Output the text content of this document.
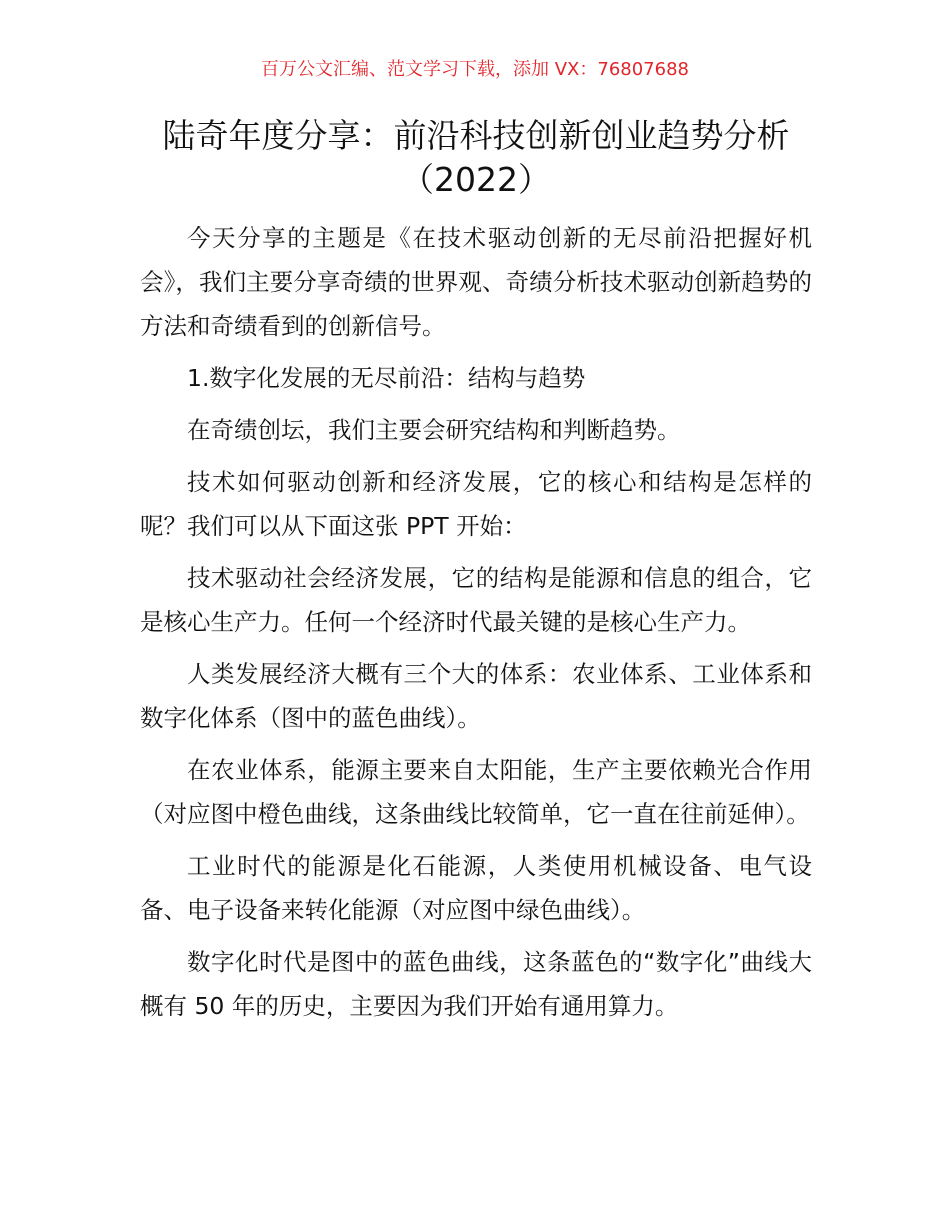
百万公文汇编、范文学习下载，添加 VX：76807688
陆奇年度分享：前沿科技创新创业趋势分析
（2022）

今天分享的主题是《在技术驱动创新的无尽前沿把握好机会》，我们主要分享奇绩的世界观、奇绩分析技术驱动创新趋势的方法和奇绩看到的创新信号。

1.数字化发展的无尽前沿：结构与趋势

在奇绩创坛，我们主要会研究结构和判断趋势。

技术如何驱动创新和经济发展，它的核心和结构是怎样的呢？我们可以从下面这张 PPT 开始：

技术驱动社会经济发展，它的结构是能源和信息的组合，它是核心生产力。任何一个经济时代最关键的是核心生产力。

人类发展经济大概有三个大的体系：农业体系、工业体系和数字化体系（图中的蓝色曲线）。

在农业体系，能源主要来自太阳能，生产主要依赖光合作用（对应图中橙色曲线，这条曲线比较简单，它一直在往前延伸）。

工业时代的能源是化石能源，人类使用机械设备、电气设备、电子设备来转化能源（对应图中绿色曲线）。

数字化时代是图中的蓝色曲线，这条蓝色的“数字化”曲线大概有 50 年的历史，主要因为我们开始有通用算力。
